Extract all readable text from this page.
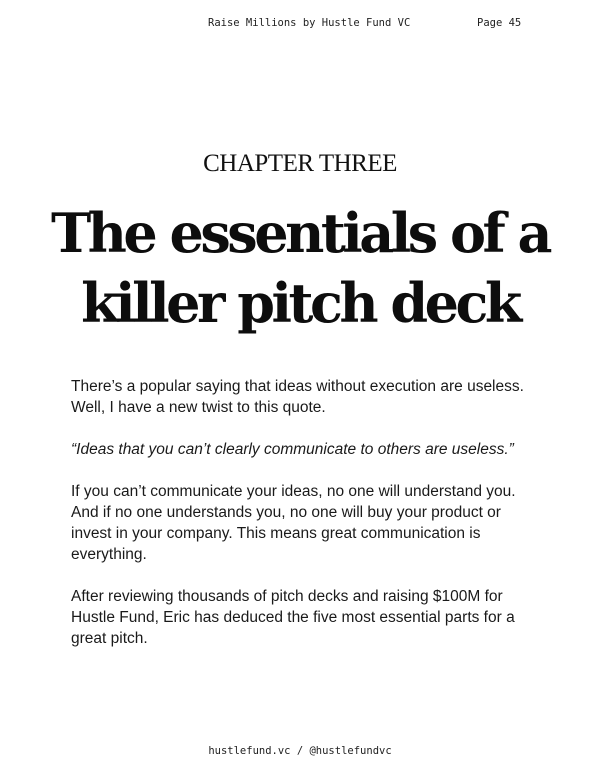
Raise Millions by Hustle Fund VC	Page 45
CHAPTER THREE
The essentials of a
killer pitch deck

There’s a popular saying that ideas without execution are useless. Well, I have a new twist to this quote.

“Ideas that you can’t clearly communicate to others are useless.”

If you can’t communicate your ideas, no one will understand you. And if no one understands you, no one will buy your product or invest in your company. This means great communication is everything.

After reviewing thousands of pitch decks and raising $100M for Hustle Fund, Eric has deduced the five most essential parts for a great pitch.

hustlefund.vc / @hustlefundvc
